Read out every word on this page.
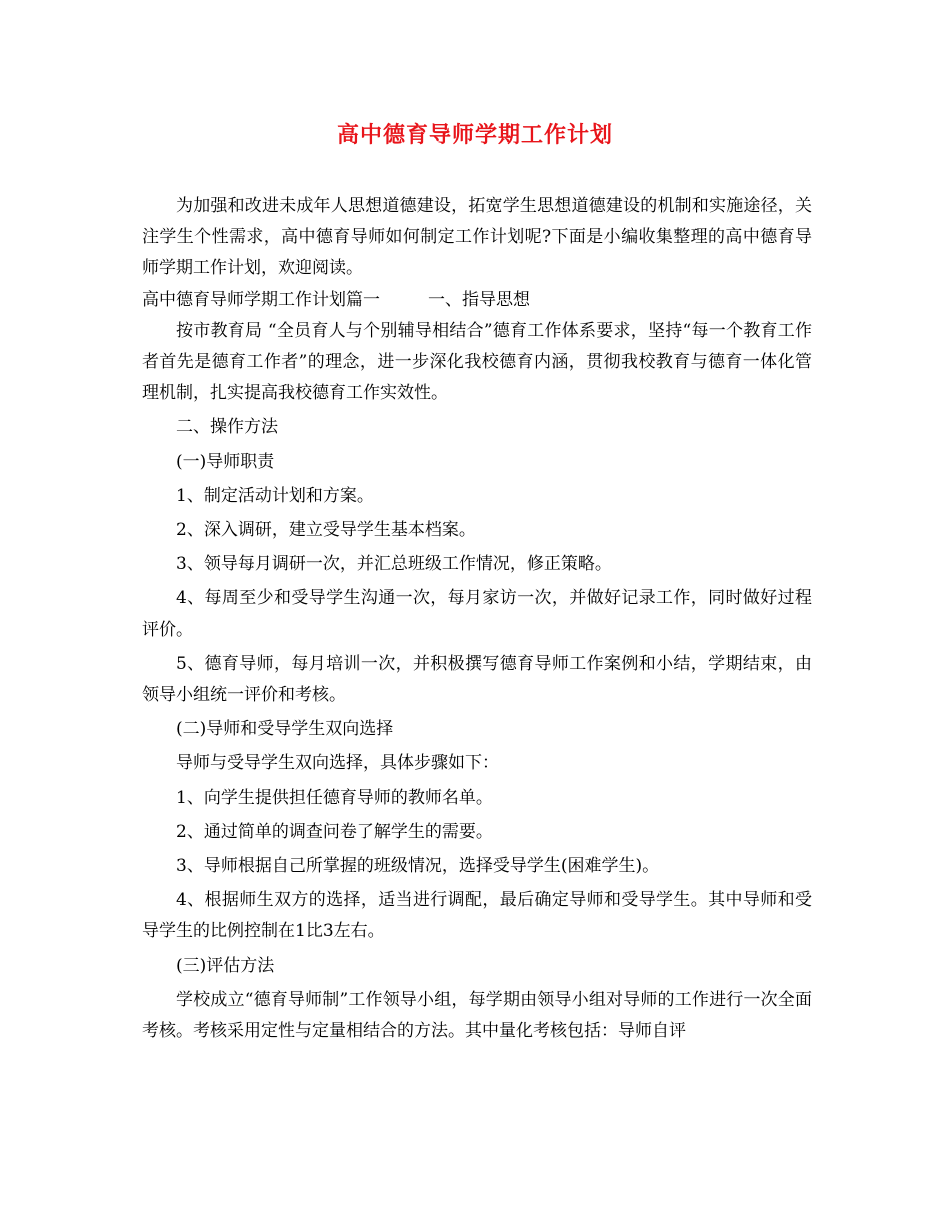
高中德育导师学期工作计划

为加强和改进未成年人思想道德建设，拓宽学生思想道德建设的机制和实施途径，关注学生个性需求，高中德育导师如何制定工作计划呢?下面是小编收集整理的高中德育导师学期工作计划，欢迎阅读。

高中德育导师学期工作计划篇一	一、指导思想

按市教育局 “全员育人与个别辅导相结合”德育工作体系要求，坚持“每一个教育工作者首先是德育工作者”的理念，进一步深化我校德育内涵，贯彻我校教育与德育一体化管理机制，扎实提高我校德育工作实效性。

二、操作方法

(一)导师职责

1、制定活动计划和方案。

2、深入调研，建立受导学生基本档案。

3、领导每月调研一次，并汇总班级工作情况，修正策略。

4、每周至少和受导学生沟通一次，每月家访一次，并做好记录工作，同时做好过程评价。

5、德育导师，每月培训一次，并积极撰写德育导师工作案例和小结，学期结束，由领导小组统一评价和考核。

(二)导师和受导学生双向选择

导师与受导学生双向选择，具体步骤如下：

1、向学生提供担任德育导师的教师名单。

2、通过简单的调查问卷了解学生的需要。

3、导师根据自己所掌握的班级情况，选择受导学生(困难学生)。

4、根据师生双方的选择，适当进行调配，最后确定导师和受导学生。其中导师和受导学生的比例控制在1比3左右。

(三)评估方法

学校成立“德育导师制”工作领导小组，每学期由领导小组对导师的工作进行一次全面考核。考核采用定性与定量相结合的方法。其中量化考核包括：导师自评
